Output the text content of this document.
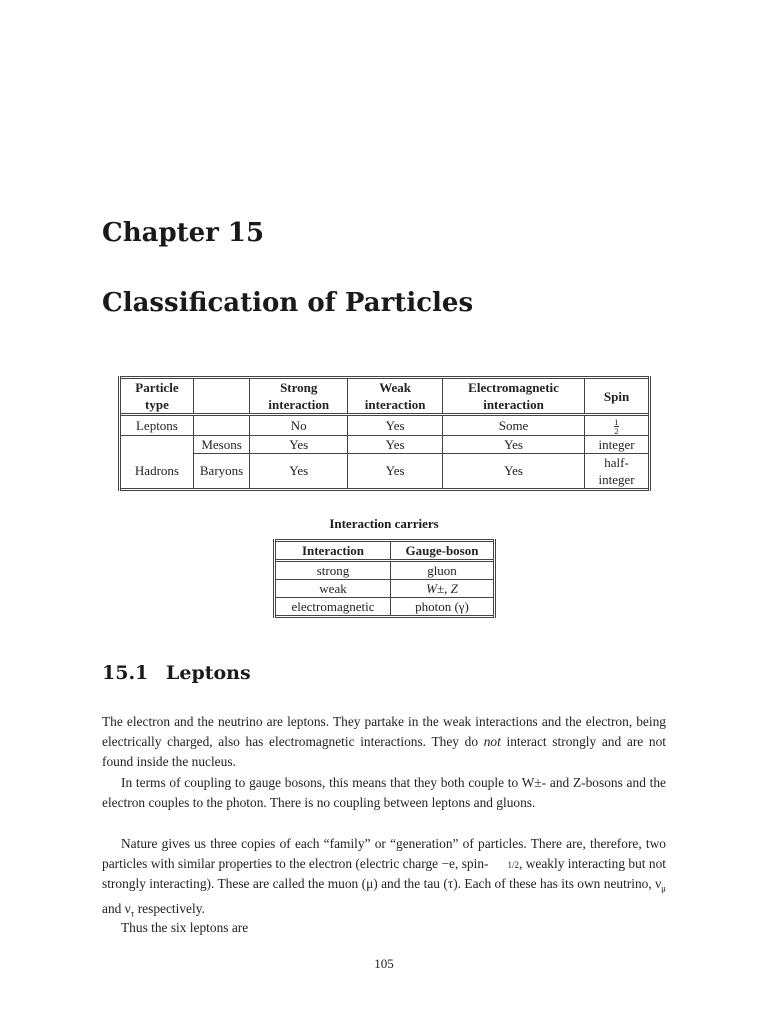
Chapter 15
Classification of Particles
Particle type		Strong interaction	Weak interaction	Electromagnetic interaction	Spin
Leptons		No	Yes	Some	$\frac{1}{2}$

	Mesons	Yes	Yes	Yes	integer
Hadrons	Baryons	Yes	Yes	Yes	half-integer
Interaction carriers
Interaction	Gauge-boson
strong	gluon
weak	W±, Z
electromagnetic	photon (γ)
15.1 Leptons

The electron and the neutrino are leptons. They partake in the weak interactions and the electron, being electrically charged, also has electromagnetic interactions. They do not interact strongly and are not found inside the nucleus.

In terms of coupling to gauge bosons, this means that they both couple to W±- and Z-bosons and the electron couples to the photon. There is no coupling between leptons and gluons.

Nature gives us three copies of each “family” or “generation” of particles. There are, therefore, two particles with similar properties to the electron (electric charge −e, spin- 1/2, weakly interacting but not strongly interacting). These are called the muon (μ) and the tau (τ). Each of these has its own neutrino, $\nu_\mu$ and $\nu_\tau$ respectively.

Thus the six leptons are

105
